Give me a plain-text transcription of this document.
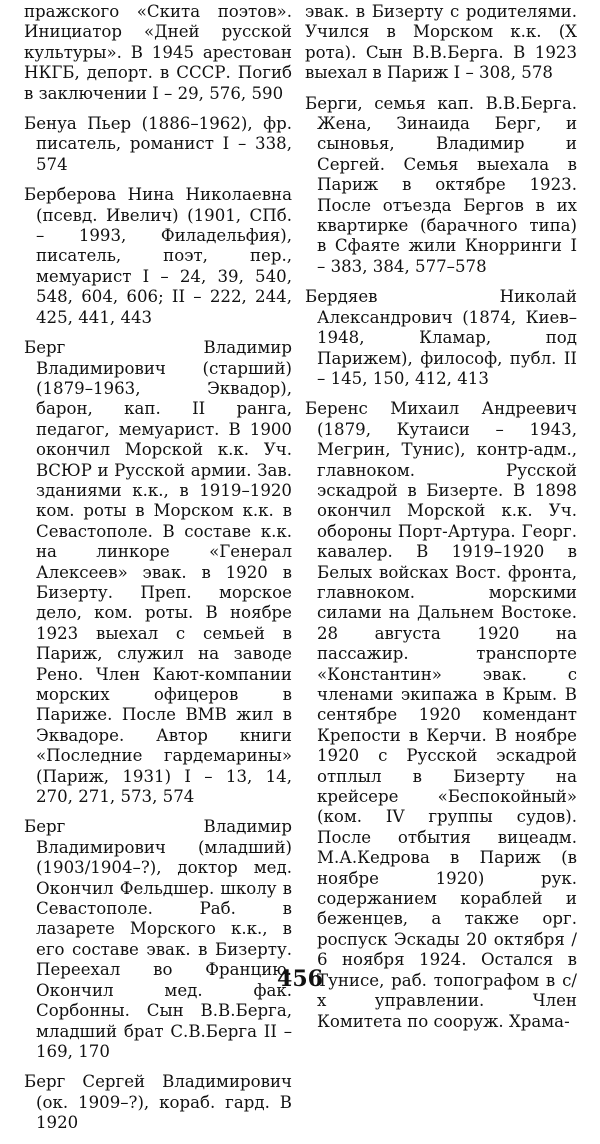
пражского «Скита поэтов». Инициатор «Дней русской культуры». В 1945 арестован НКГБ, депорт. в СССР. Погиб в заключении I – 29, 576, 590

Бенуа Пьер (1886–1962), фр. писатель, романист I – 338, 574

Берберова Нина Николаевна (псевд. Ивелич) (1901, СПб. – 1993, Филадельфия), писатель, поэт, пер., мемуарист I – 24, 39, 540, 548, 604, 606; II – 222, 244, 425, 441, 443

Берг Владимир Владимирович (старший) (1879–1963, Эквадор), барон, кап. II ранга, педагог, мемуарист. В 1900 окончил Морской к.к. Уч. ВСЮР и Русской армии. Зав. зданиями к.к., в 1919–1920 ком. роты в Морском к.к. в Севастополе. В составе к.к. на линкоре «Генерал Алексеев» эвак. в 1920 в Бизерту. Преп. морское дело, ком. роты. В ноябре 1923 выехал с семьей в Париж, служил на заводе Рено. Член Кают-компании морских офицеров в Париже. После ВМВ жил в Эквадоре. Автор книги «Последние гардемарины» (Париж, 1931) I – 13, 14, 270, 271, 573, 574

Берг Владимир Владимирович (младший) (1903/1904–?), доктор мед. Окончил Фельдшер. школу в Севастополе. Раб. в лазарете Морского к.к., в его составе эвак. в Бизерту. Переехал во Францию. Окончил мед. фак. Сорбонны. Сын В.В.Берга, младший брат С.В.Берга II – 169, 170

Берг Сергей Владимирович (ок. 1909–?), кораб. гард. В 1920

эвак. в Бизерту с родителями. Учился в Морском к.к. (X рота). Сын В.В.Берга. В 1923 выехал в Париж I – 308, 578

Берги, семья кап. В.В.Берга. Жена, Зинаида Берг, и сыновья, Владимир и Сергей. Семья выехала в Париж в октябре 1923. После отъезда Бергов в их квартирке (барачного типа) в Сфаяте жили Кнорринги I – 383, 384, 577–578

Бердяев Николай Александрович (1874, Киев–1948, Кламар, под Парижем), философ, публ. II – 145, 150, 412, 413

Беренс Михаил Андреевич (1879, Кутаиси – 1943, Мегрин, Тунис), контр-адм., главноком. Русской эскадрой в Бизерте. В 1898 окончил Морской к.к. Уч. обороны Порт-Артура. Георг. кавалер. В 1919–1920 в Белых войсках Вост. фронта, главноком. морскими силами на Дальнем Востоке. 28 августа 1920 на пассажир. транспорте «Константин» эвак. с членами экипажа в Крым. В сентябре 1920 комендант Крепости в Керчи. В ноябре 1920 с Русской эскадрой отплыл в Бизерту на крейсере «Беспокойный» (ком. IV группы судов). После отбытия вицеадм. М.А.Кедрова в Париж (в ноябре 1920) рук. содержанием кораблей и беженцев, а также орг. роспуск Эскады 20 октября / 6 ноября 1924. Остался в Тунисе, раб. топографом в с/х управлении. Член Комитета по сооруж. Храма-

456
